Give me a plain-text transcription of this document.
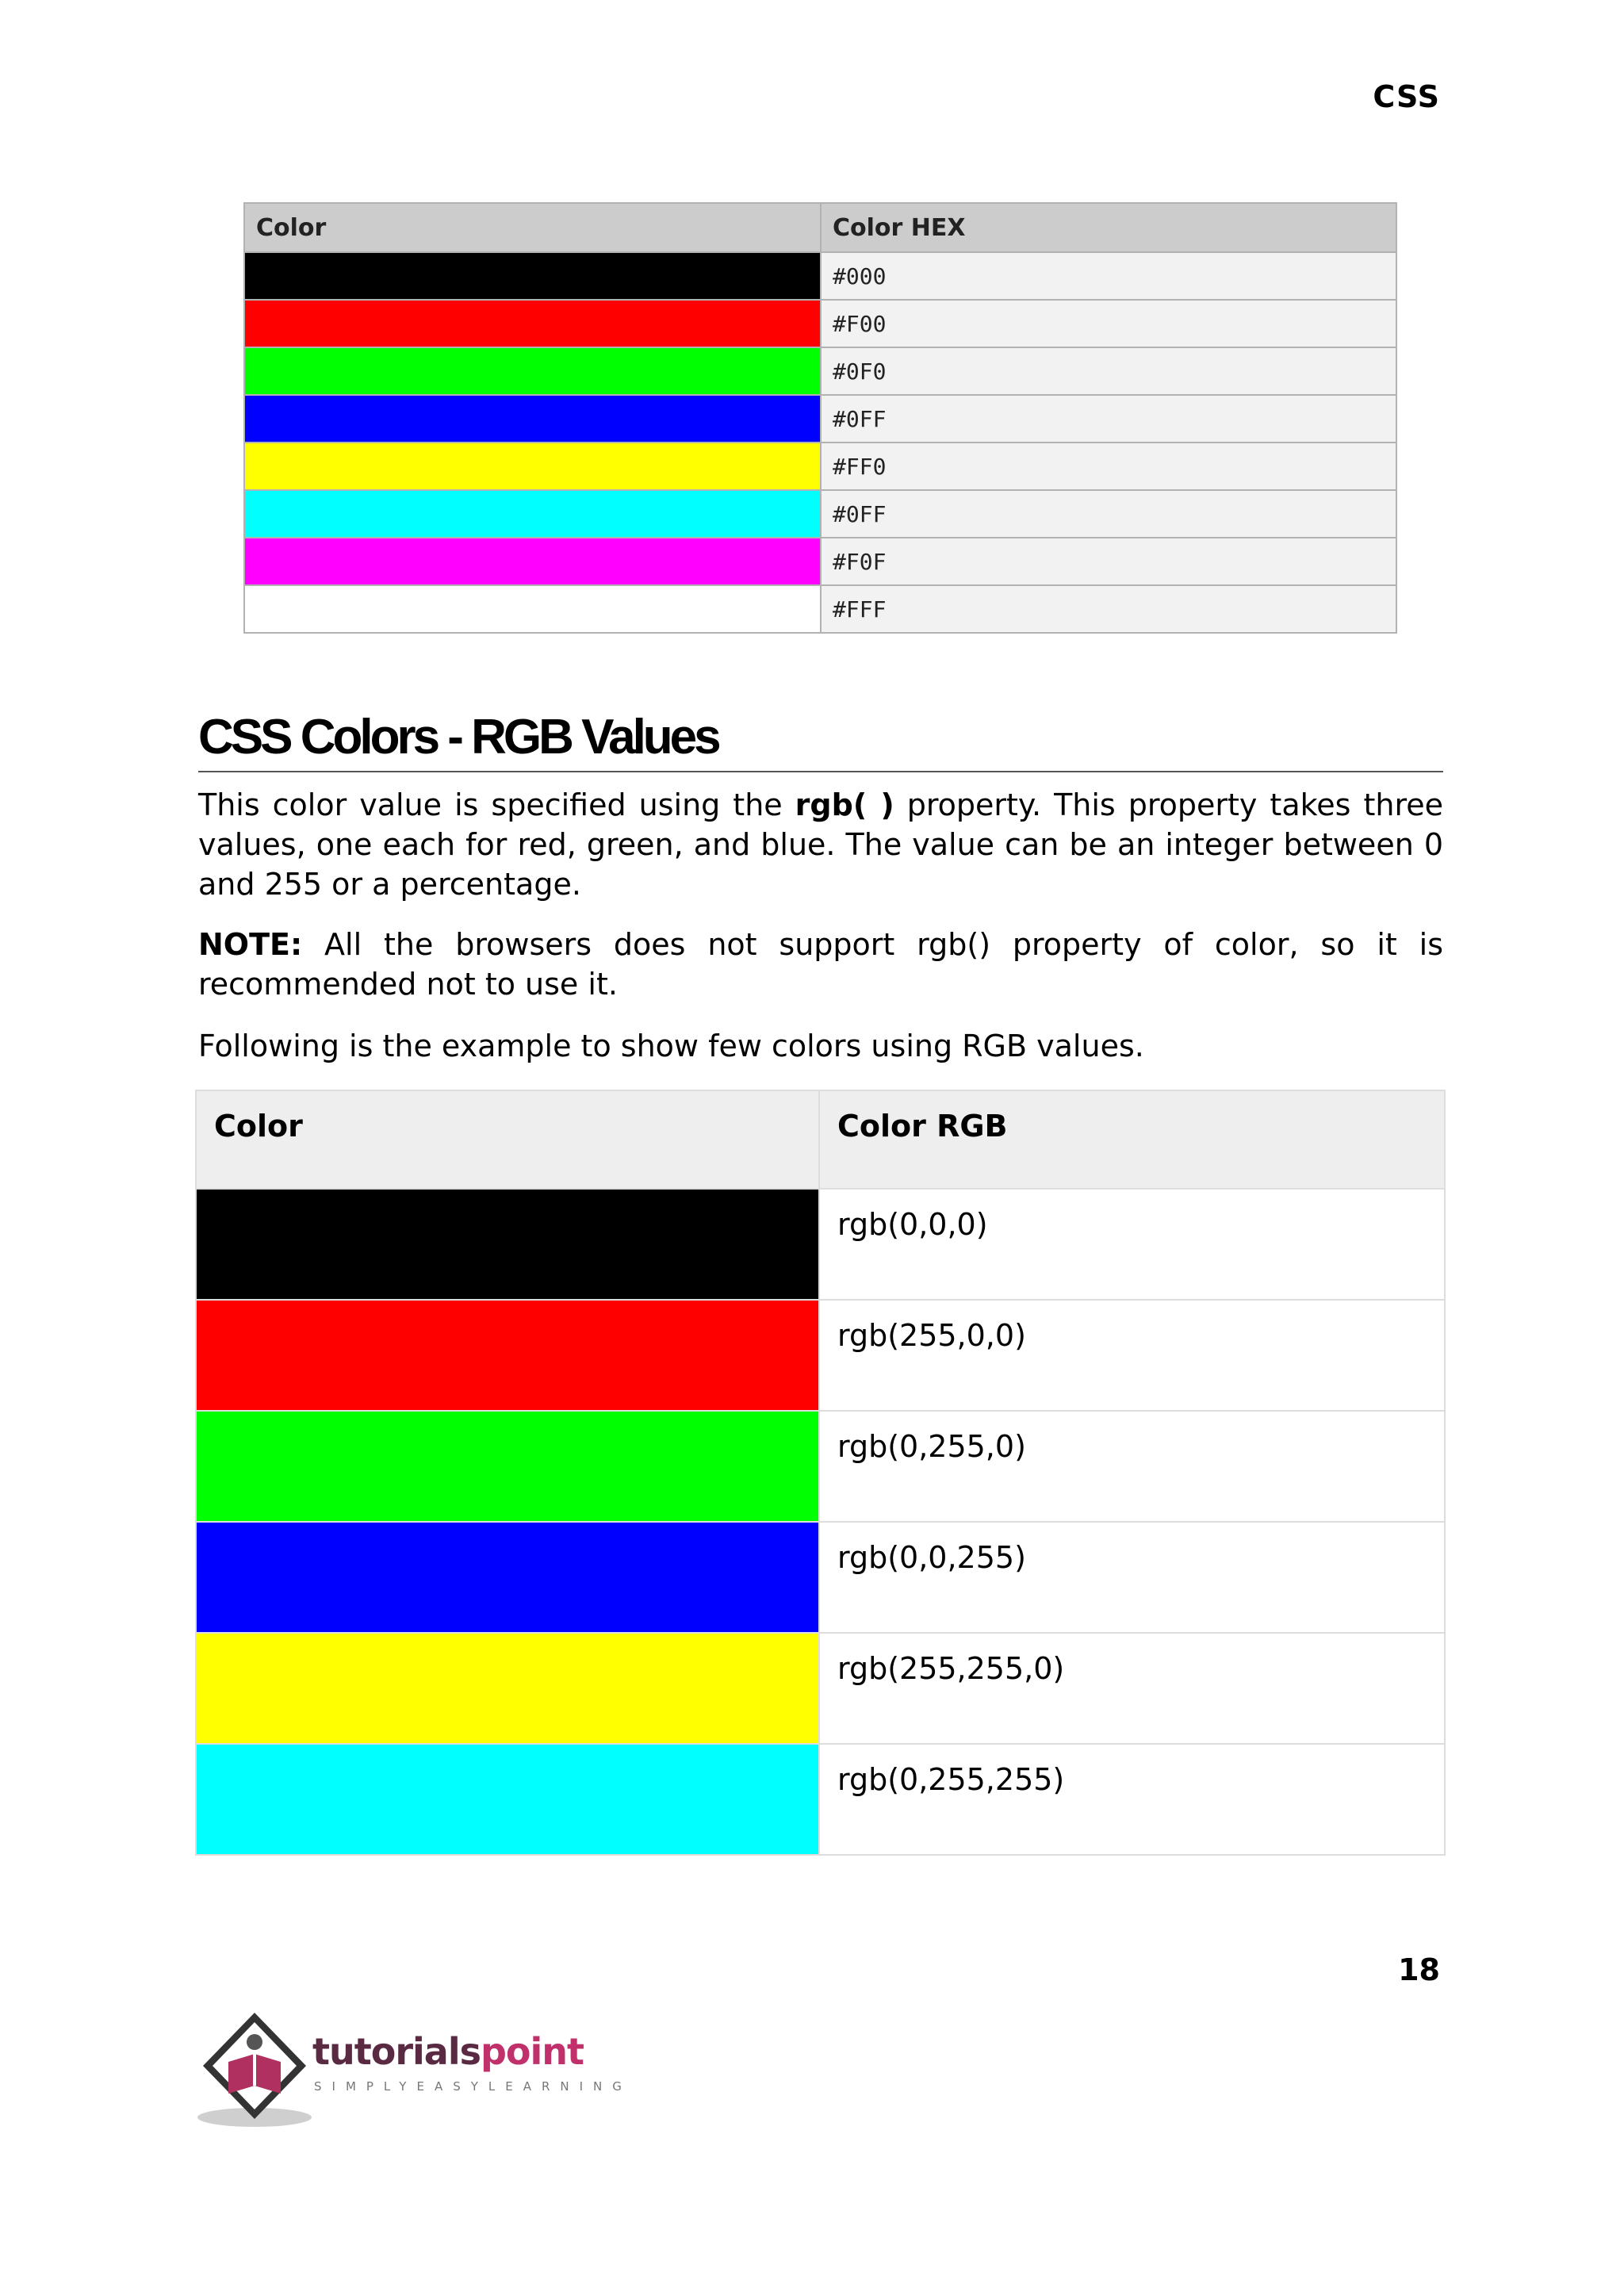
CSS
Color	Color HEX
	#000
	#F00
	#0F0
	#0FF
	#FF0
	#0FF
	#F0F
	#FFF
CSS Colors - RGB Values

This color value is specified using the rgb( ) property. This property takes three values, one each for red, green, and blue. The value can be an integer between 0 and 255 or a percentage.

NOTE: All the browsers does not support rgb() property of color, so it is recommended not to use it.

Following is the example to show few colors using RGB values.

Color	Color RGB
	rgb(0,0,0)
	rgb(255,0,0)
	rgb(0,255,0)
	rgb(0,0,255)
	rgb(255,255,0)
	rgb(0,255,255)
18
tutorialspoint
SIMPLYEASYLEARNING
